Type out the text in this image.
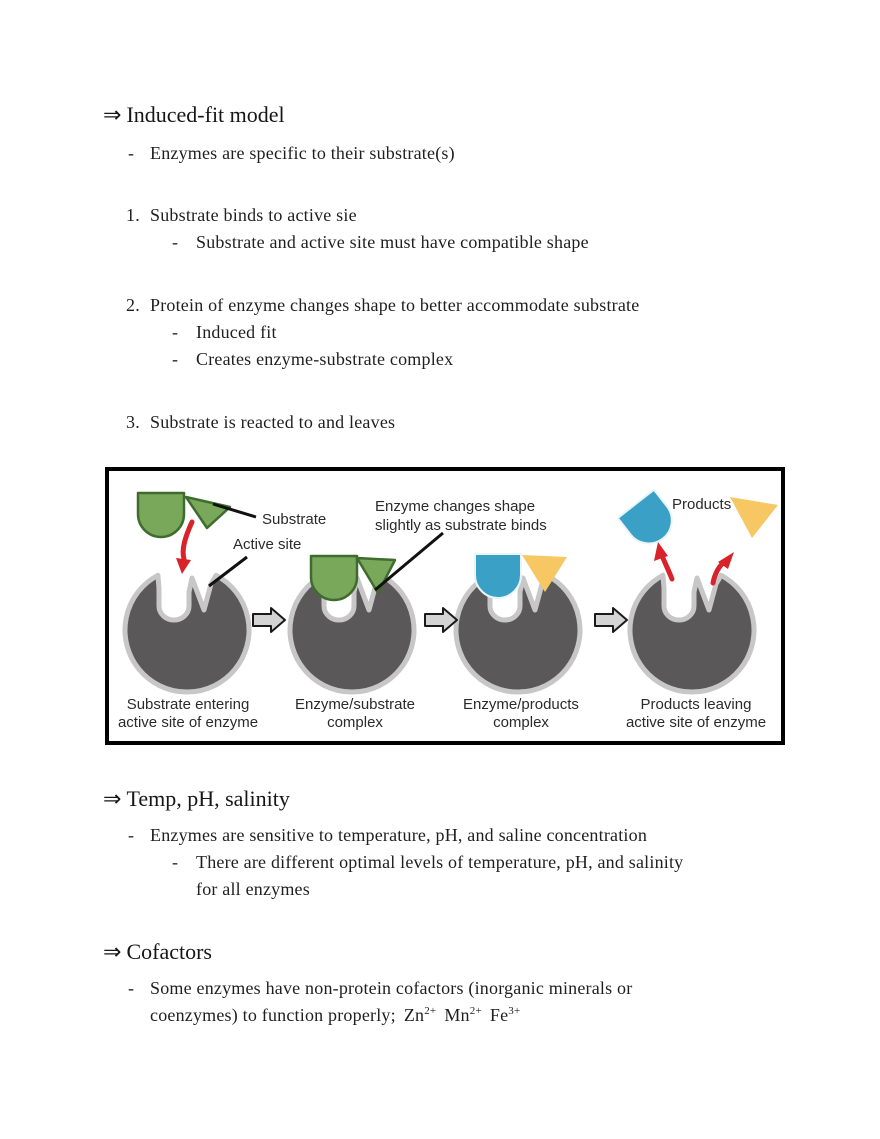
⇒ Induced-fit model
- Enzymes are specific to their substrate(s)
1. Substrate binds to active sie
- Substrate and active site must have compatible shape
2. Protein of enzyme changes shape to better accommodate substrate
- Induced fit
- Creates enzyme-substrate complex
3. Substrate is reacted to and leaves
Substrate
Active site
Enzyme changes shape
slightly as substrate binds
Products
Substrate entering
active site of enzyme
Enzyme/substrate
complex
Enzyme/products
complex
Products leaving
active site of enzyme
⇒ Temp, pH, salinity
- Enzymes are sensitive to temperature, pH, and saline concentration
- There are different optimal levels of temperature, pH, and salinity
for all enzymes
⇒ Cofactors
- Some enzymes have non-protein cofactors (inorganic minerals or
coenzymes) to function properly; $Zn^{2+}$ $Mn^{2+}$ $Fe^{3+}$
